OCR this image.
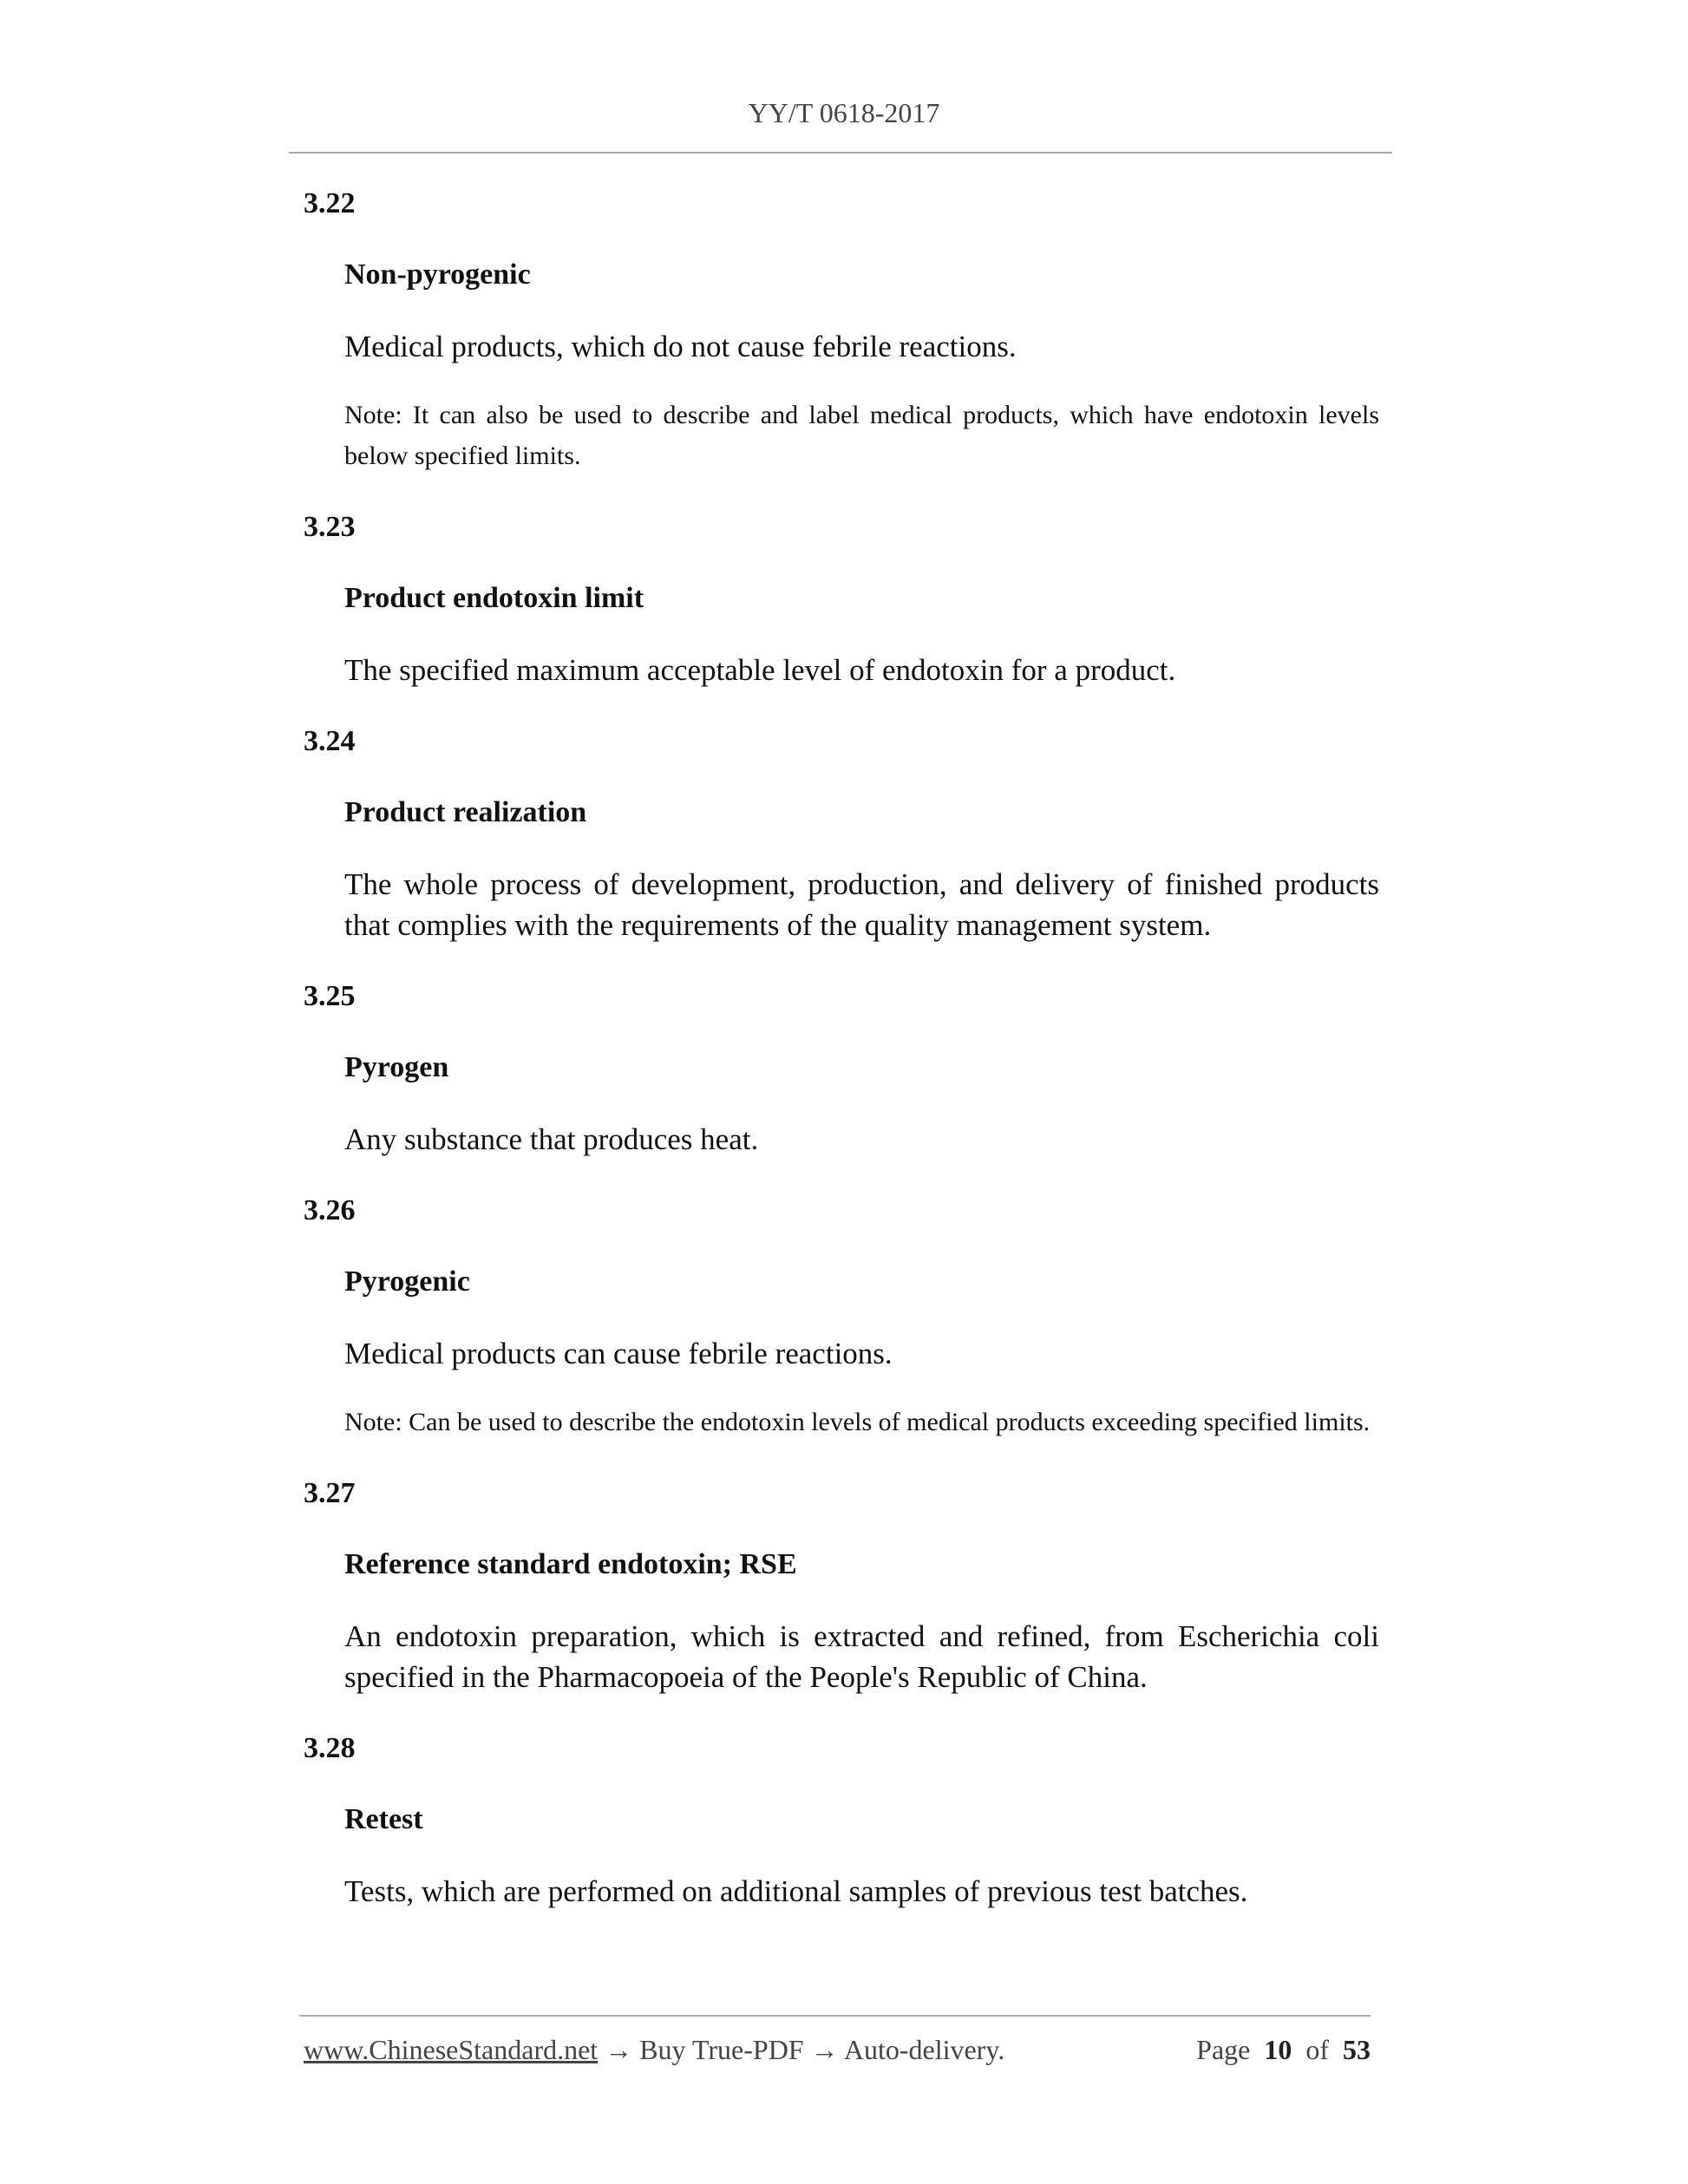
YY/T 0618-2017
3.22
Non-pyrogenic
Medical products, which do not cause febrile reactions.
Note: It can also be used to describe and label medical products, which have endotoxin levels below specified limits.
3.23
Product endotoxin limit
The specified maximum acceptable level of endotoxin for a product.
3.24
Product realization
The whole process of development, production, and delivery of finished products that complies with the requirements of the quality management system.
3.25
Pyrogen
Any substance that produces heat.
3.26
Pyrogenic
Medical products can cause febrile reactions.
Note: Can be used to describe the endotoxin levels of medical products exceeding specified limits.
3.27
Reference standard endotoxin; RSE
An endotoxin preparation, which is extracted and refined, from Escherichia coli specified in the Pharmacopoeia of the People's Republic of China.
3.28
Retest
Tests, which are performed on additional samples of previous test batches.
www.ChineseStandard.net → Buy True-PDF → Auto-delivery.	Page 10 of 53
